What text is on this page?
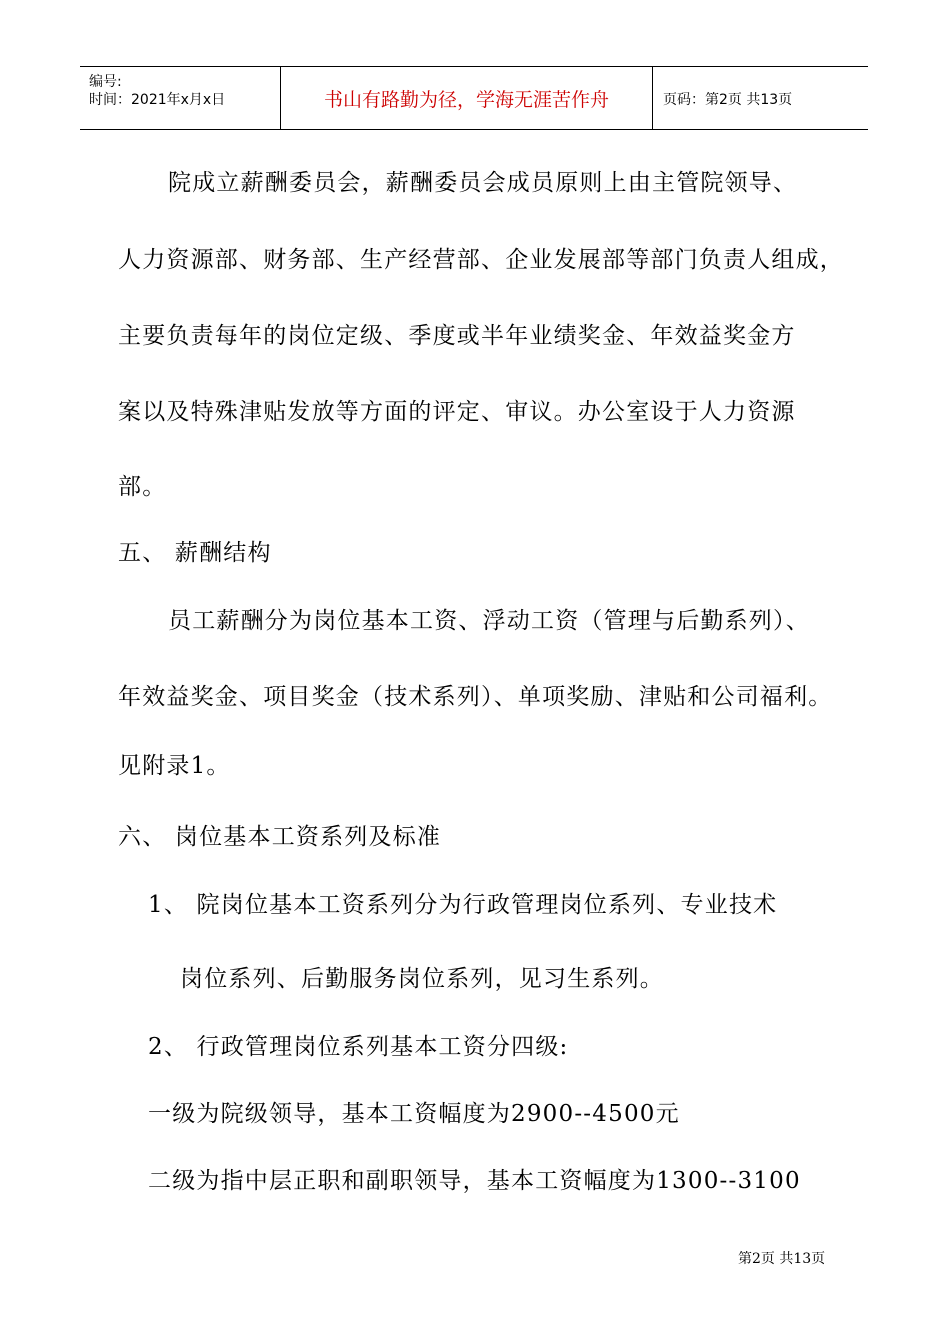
编号:
时间：2021年x月x日	书山有路勤为径，学海无涯苦作舟	页码：第2页 共13页
院成立薪酬委员会，薪酬委员会成员原则上由主管院领导、
人力资源部、财务部、生产经营部、企业发展部等部门负责人组成，
主要负责每年的岗位定级、季度或半年业绩奖金、年效益奖金方
案以及特殊津贴发放等方面的评定、审议。办公室设于人力资源
部。
五、 薪酬结构
员工薪酬分为岗位基本工资、浮动工资（管理与后勤系列）、
年效益奖金、项目奖金（技术系列）、单项奖励、津贴和公司福利。
见附录1。
六、 岗位基本工资系列及标准
1、 院岗位基本工资系列分为行政管理岗位系列、专业技术
岗位系列、后勤服务岗位系列，见习生系列。
2、 行政管理岗位系列基本工资分四级:
一级为院级领导，基本工资幅度为2900--4500元
二级为指中层正职和副职领导，基本工资幅度为1300--3100
第2页 共13页
